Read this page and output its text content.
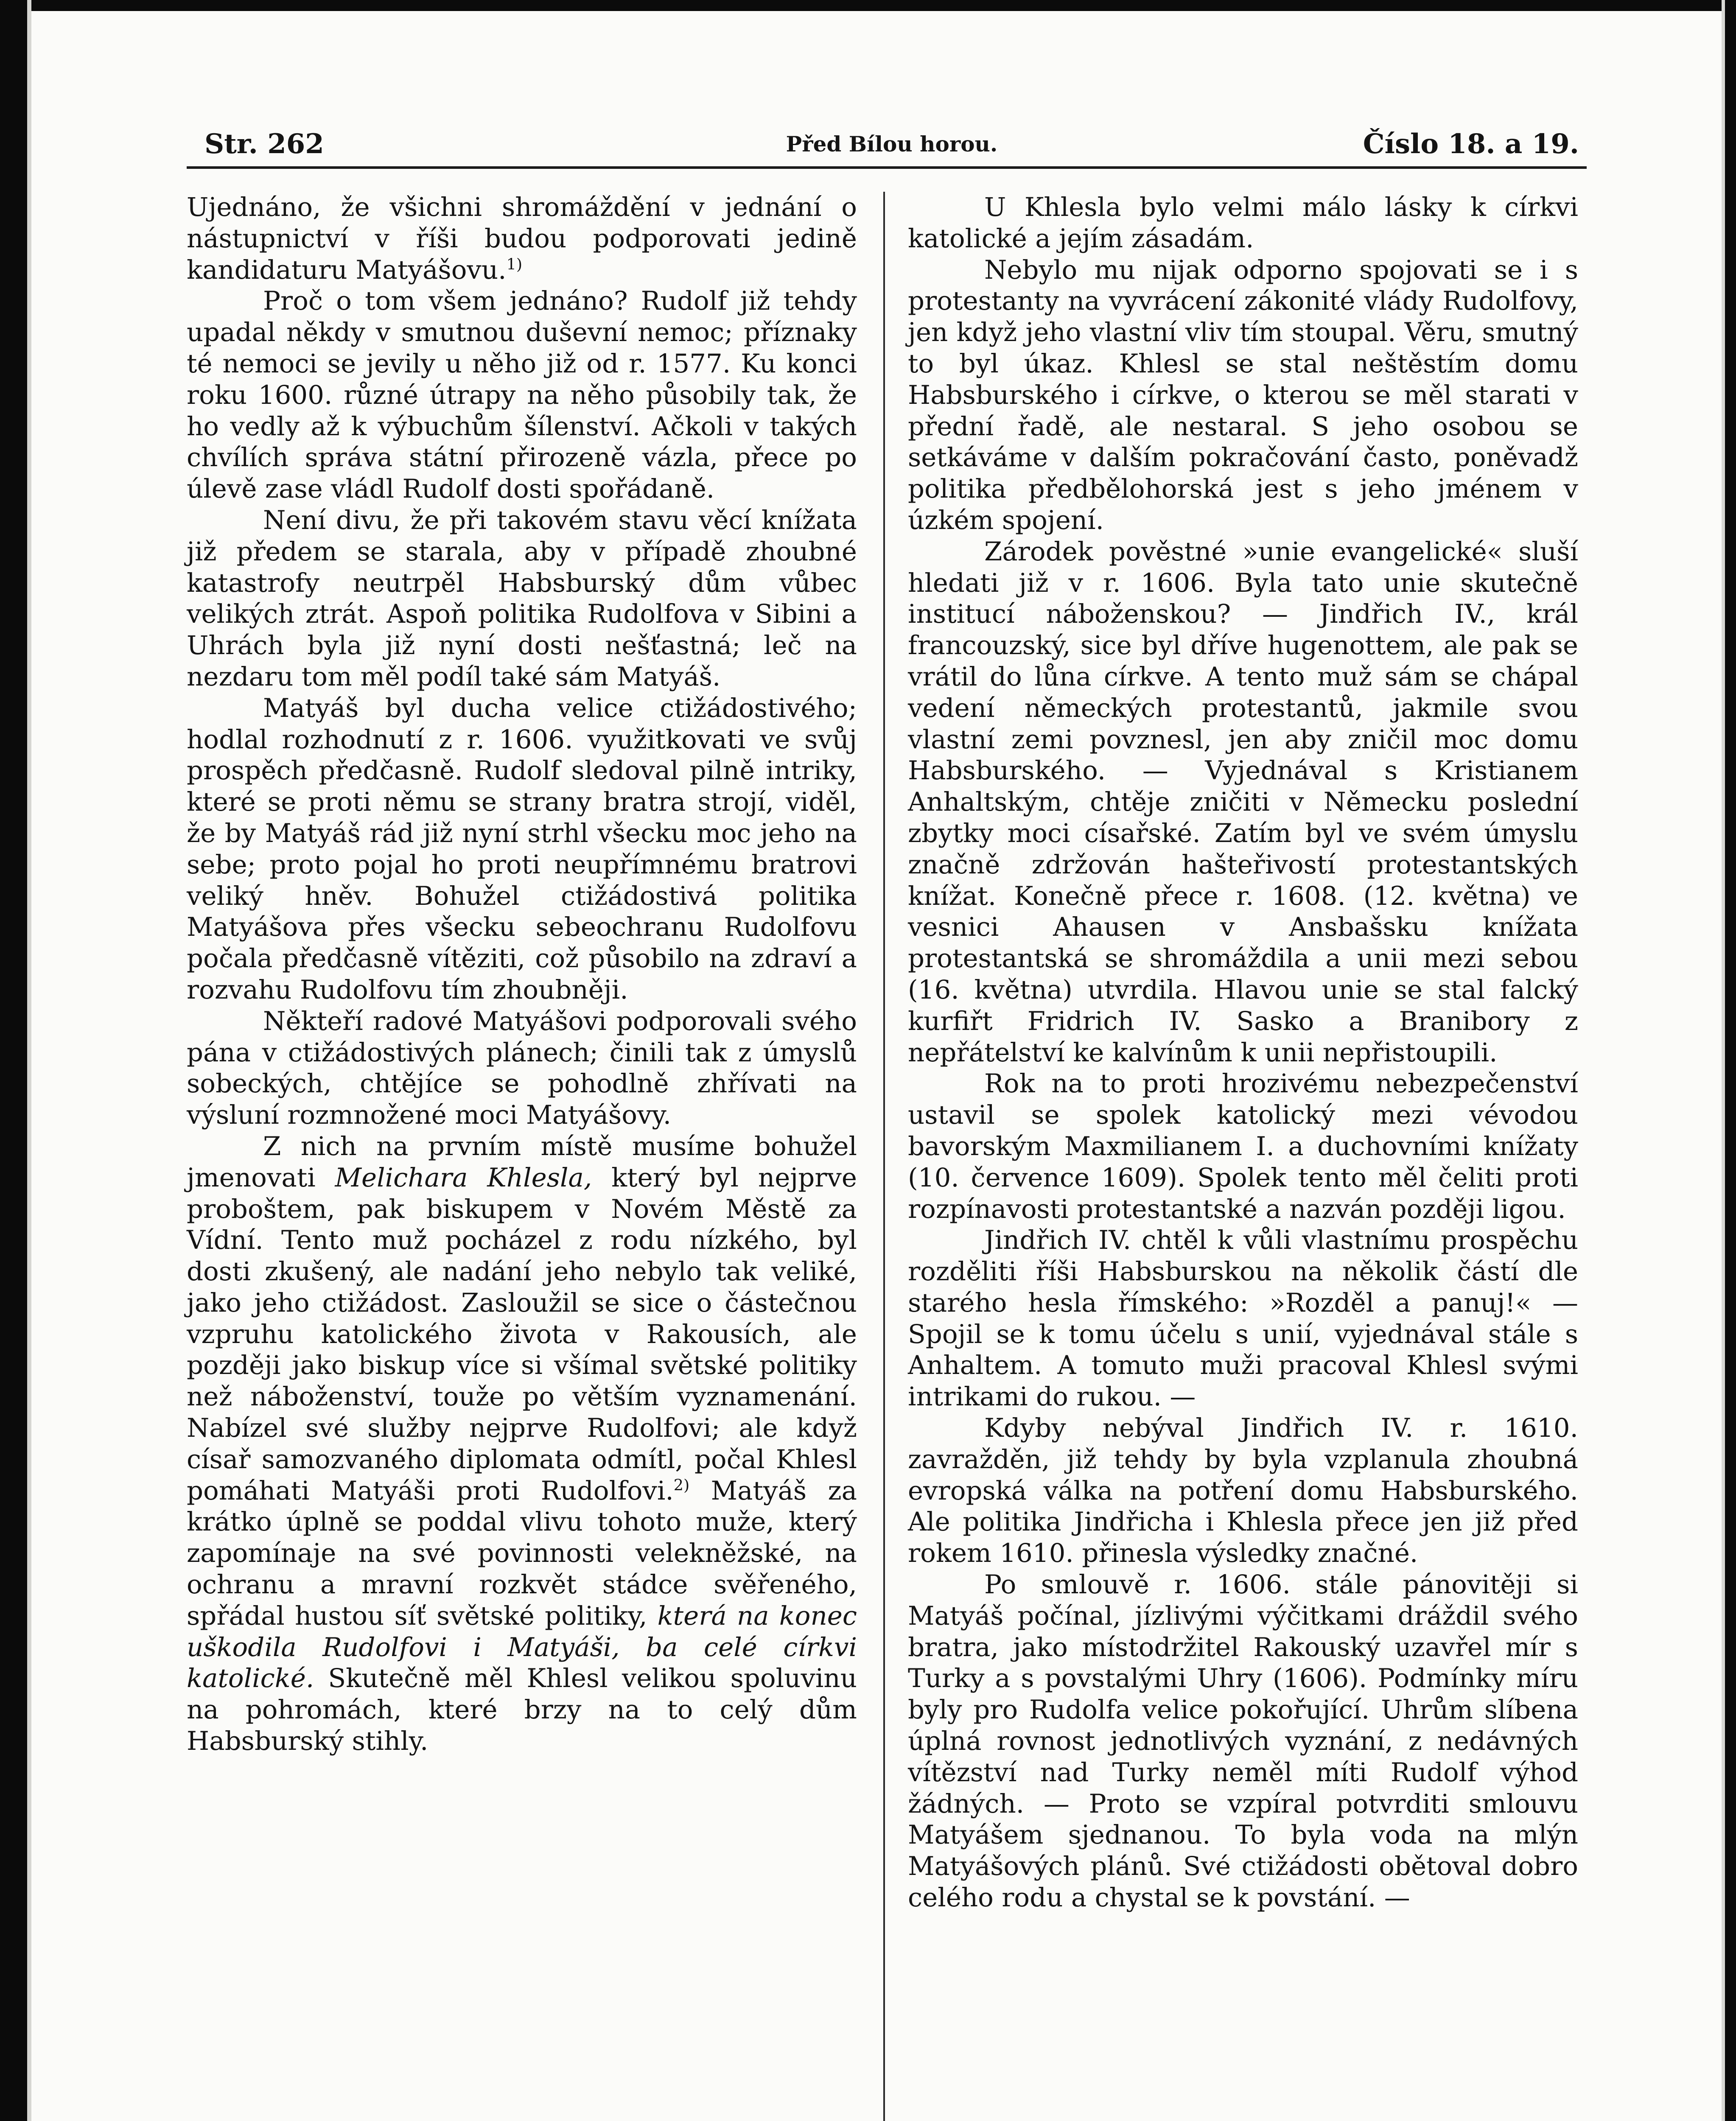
Před Bílou horou.
Str. 262	Číslo 18. a 19.

Ujednáno, že všichni shromáždění v jednání o nástupnictví v říši budou podporovati jedině kandidaturu Matyášovu.$^{1)}$

Proč o tom všem jednáno? Rudolf již tehdy upadal někdy v smutnou duševní nemoc; příznaky té nemoci se jevily u něho již od r. 1577. Ku konci roku 1600. různé útrapy na něho působily tak, že ho vedly až k výbuchům šílenství. Ačkoli v takých chvílích správa státní přirozeně vázla, přece po úlevě zase vládl Rudolf dosti spořádaně.

Není divu, že při takovém stavu věcí knížata již předem se starala, aby v případě zhoubné katastrofy neutrpěl Habsburský dům vůbec velikých ztrát. Aspoň politika Rudolfova v Sibini a Uhrách byla již nyní dosti nešťastná; leč na nezdaru tom měl podíl také sám Matyáš.

Matyáš byl ducha velice ctižádostivého; hodlal rozhodnutí z r. 1606. využitkovati ve svůj prospěch předčasně. Rudolf sledoval pilně intriky, které se proti němu se strany bratra strojí, viděl, že by Matyáš rád již nyní strhl všecku moc jeho na sebe; proto pojal ho proti neupřímnému bratrovi veliký hněv. Bohužel ctižádostivá politika Matyášova přes všecku sebeochranu Rudolfovu počala předčasně vítěziti, což působilo na zdraví a rozvahu Rudolfovu tím zhoubněji.

Někteří radové Matyášovi podporovali svého pána v ctižádostivých plánech; činili tak z úmyslů sobeckých, chtějíce se pohodlně zhřívati na výsluní rozmnožené moci Matyášovy.

Z nich na prvním místě musíme bohužel jmenovati Melichara Khlesla, který byl nejprve proboštem, pak biskupem v Novém Městě za Vídní. Tento muž pocházel z rodu nízkého, byl dosti zkušený, ale nadání jeho nebylo tak veliké, jako jeho ctižádost. Zasloužil se sice o částečnou vzpruhu katolického života v Rakousích, ale později jako biskup více si všímal světské politiky než náboženství, touže po větším vyznamenání. Nabízel své služby nejprve Rudolfovi; ale když císař samozvaného diplomata odmítl, počal Khlesl pomáhati Matyáši proti Rudolfovi.$^{2)}$ Matyáš za krátko úplně se poddal vlivu tohoto muže, který zapomínaje na své povinnosti velekněžské, na ochranu a mravní rozkvět stádce svěřeného, spřádal hustou síť světské politiky, která na konec uškodila Rudolfovi i Matyáši, ba celé církvi katolické. Skutečně měl Khlesl velikou spoluvinu na pohromách, které brzy na to celý dům Habsburský stihly.

U Khlesla bylo velmi málo lásky k církvi katolické a jejím zásadám.

Nebylo mu nijak odporno spojovati se i s protestanty na vyvrácení zákonité vlády Rudolfovy, jen když jeho vlastní vliv tím stoupal. Věru, smutný to byl úkaz. Khlesl se stal neštěstím domu Habsburského i církve, o kterou se měl starati v přední řadě, ale nestaral. S jeho osobou se setkáváme v dalším pokračování často, poněvadž politika předbělohorská jest s jeho jménem v úzkém spojení.

Zárodek pověstné »unie evangelické« sluší hledati již v r. 1606. Byla tato unie skutečně institucí náboženskou? — Jindřich IV., král francouzský, sice byl dříve hugenottem, ale pak se vrátil do lůna církve. A tento muž sám se chápal vedení německých protestantů, jakmile svou vlastní zemi povznesl, jen aby zničil moc domu Habsburského. — Vyjednával s Kristianem Anhaltským, chtěje zničiti v Německu poslední zbytky moci císařské. Zatím byl ve svém úmyslu značně zdržován hašteřivostí protestantských knížat. Konečně přece r. 1608. (12. května) ve vesnici Ahausen v Ansbašsku knížata protestantská se shromáždila a unii mezi sebou (16. května) utvrdila. Hlavou unie se stal falcký kurfiřt Fridrich IV. Sasko a Branibory z nepřátelství ke kalvínům k unii nepřistoupili.

Rok na to proti hrozivému nebezpečenství ustavil se spolek katolický mezi vévodou bavorským Maxmilianem I. a duchovními knížaty (10. července 1609). Spolek tento měl čeliti proti rozpínavosti protestantské a nazván později ligou.

Jindřich IV. chtěl k vůli vlastnímu prospěchu rozděliti říši Habsburskou na několik částí dle starého hesla římského: »Rozděl a panuj!« — Spojil se k tomu účelu s unií, vyjednával stále s Anhaltem. A tomuto muži pracoval Khlesl svými intrikami do rukou. —

Kdyby nebýval Jindřich IV. r. 1610. zavražděn, již tehdy by byla vzplanula zhoubná evropská válka na potření domu Habsburského. Ale politika Jindřicha i Khlesla přece jen již před rokem 1610. přinesla výsledky značné.

Po smlouvě r. 1606. stále pánovitěji si Matyáš počínal, jízlivými výčitkami dráždil svého bratra, jako místodržitel Rakouský uzavřel mír s Turky a s povstalými Uhry (1606). Podmínky míru byly pro Rudolfa velice pokořující. Uhrům slíbena úplná rovnost jednotlivých vyznání, z nedávných vítězství nad Turky neměl míti Rudolf výhod žádných. — Proto se vzpíral potvrditi smlouvu Matyášem sjednanou. To byla voda na mlýn Matyášových plánů. Své ctižádosti obětoval dobro celého rodu a chystal se k povstání. —
